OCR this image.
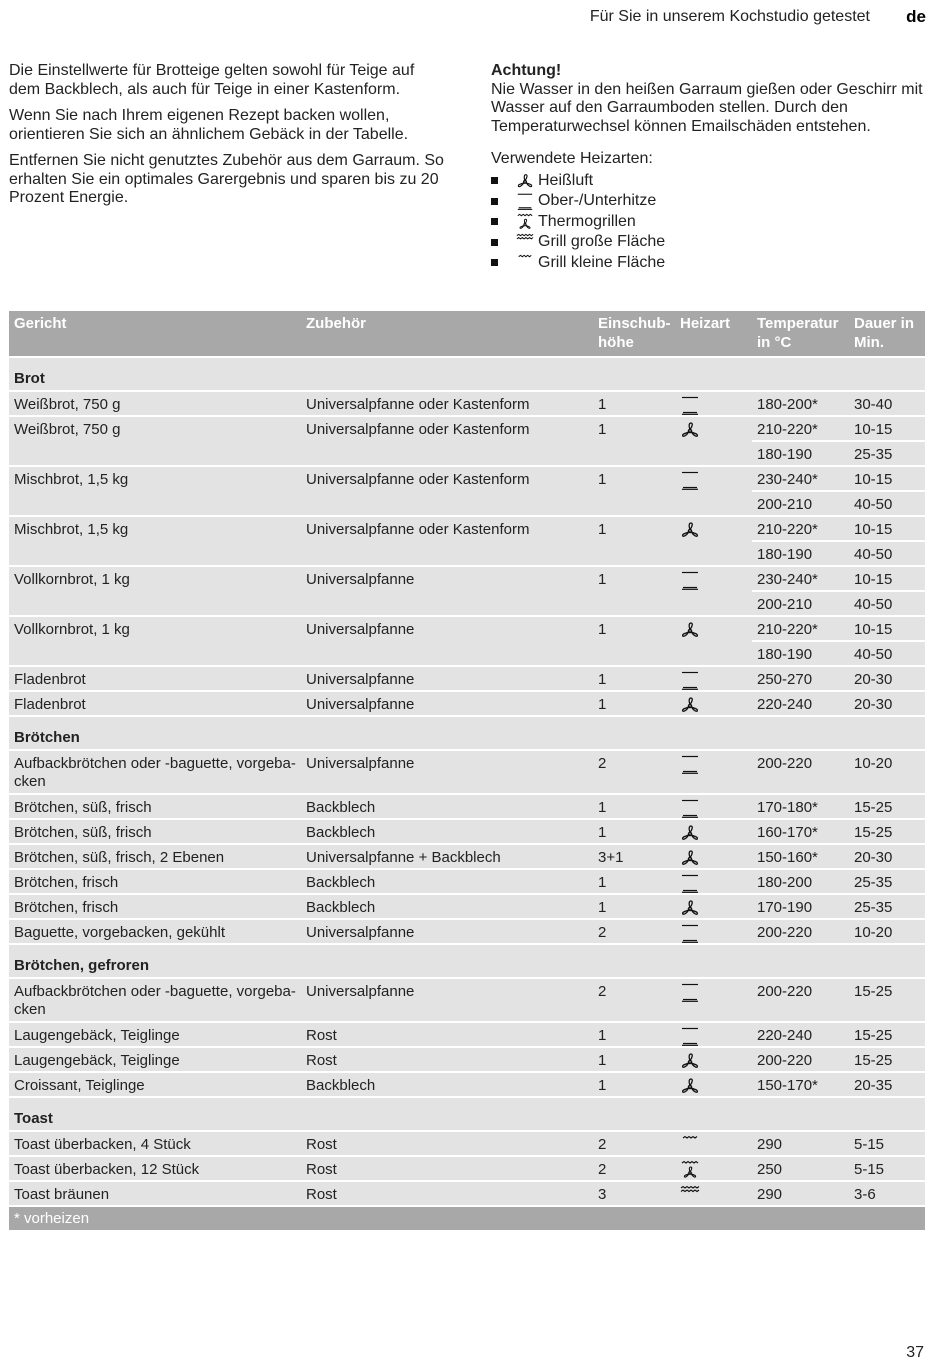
Für Sie in unserem Kochstudio getestet de

Die Einstellwerte für Brotteige gelten sowohl für Teige auf dem Backblech, als auch für Teige in einer Kastenform.

Wenn Sie nach Ihrem eigenen Rezept backen wollen, orientieren Sie sich an ähnlichem Gebäck in der Tabelle.

Entfernen Sie nicht genutztes Zubehör aus dem Garraum. So erhalten Sie ein optimales Garergebnis und sparen bis zu 20 Prozent Energie.

Achtung!

Nie Wasser in den heißen Garraum gießen oder Geschirr mit Wasser auf den Garraumboden stellen. Durch den Temperaturwechsel können Emailschäden entstehen.

Verwendete Heizarten:

Heißluft
Ober-/Unterhitze
Thermogrillen
Grill große Fläche
Grill kleine Fläche
Gericht	Zubehör	Einschub-höhe	Heizart	Temperatur in °C	Dauer in Min.
Brot					
Weißbrot, 750 g	Universalpfanne oder Kastenform	1		180-200*	30-40
Weißbrot, 750 g	Universalpfanne oder Kastenform	1		210-220*	10-15
				180-190	25-35
Mischbrot, 1,5 kg	Universalpfanne oder Kastenform	1		230-240*	10-15
				200-210	40-50
Mischbrot, 1,5 kg	Universalpfanne oder Kastenform	1		210-220*	10-15
				180-190	40-50
Vollkornbrot, 1 kg	Universalpfanne	1		230-240*	10-15
				200-210	40-50
Vollkornbrot, 1 kg	Universalpfanne	1		210-220*	10-15
				180-190	40-50
Fladenbrot	Universalpfanne	1		250-270	20-30
Fladenbrot	Universalpfanne	1		220-240	20-30
Brötchen					
Aufbackbrötchen oder -baguette, vorgeba-cken	Universalpfanne	2		200-220	10-20
Brötchen, süß, frisch	Backblech	1		170-180*	15-25
Brötchen, süß, frisch	Backblech	1		160-170*	15-25
Brötchen, süß, frisch, 2 Ebenen	Universalpfanne + Backblech	3+1		150-160*	20-30
Brötchen, frisch	Backblech	1		180-200	25-35
Brötchen, frisch	Backblech	1		170-190	25-35
Baguette, vorgebacken, gekühlt	Universalpfanne	2		200-220	10-20
Brötchen, gefroren					
Aufbackbrötchen oder -baguette, vorgeba-cken	Universalpfanne	2		200-220	15-25
Laugengebäck, Teiglinge	Rost	1		220-240	15-25
Laugengebäck, Teiglinge	Rost	1		200-220	15-25
Croissant, Teiglinge	Backblech	1		150-170*	20-35
Toast					
Toast überbacken, 4 Stück	Rost	2		290	5-15
Toast überbacken, 12 Stück	Rost	2		250	5-15
Toast bräunen	Rost	3		290	3-6
* vorheizen					
37
